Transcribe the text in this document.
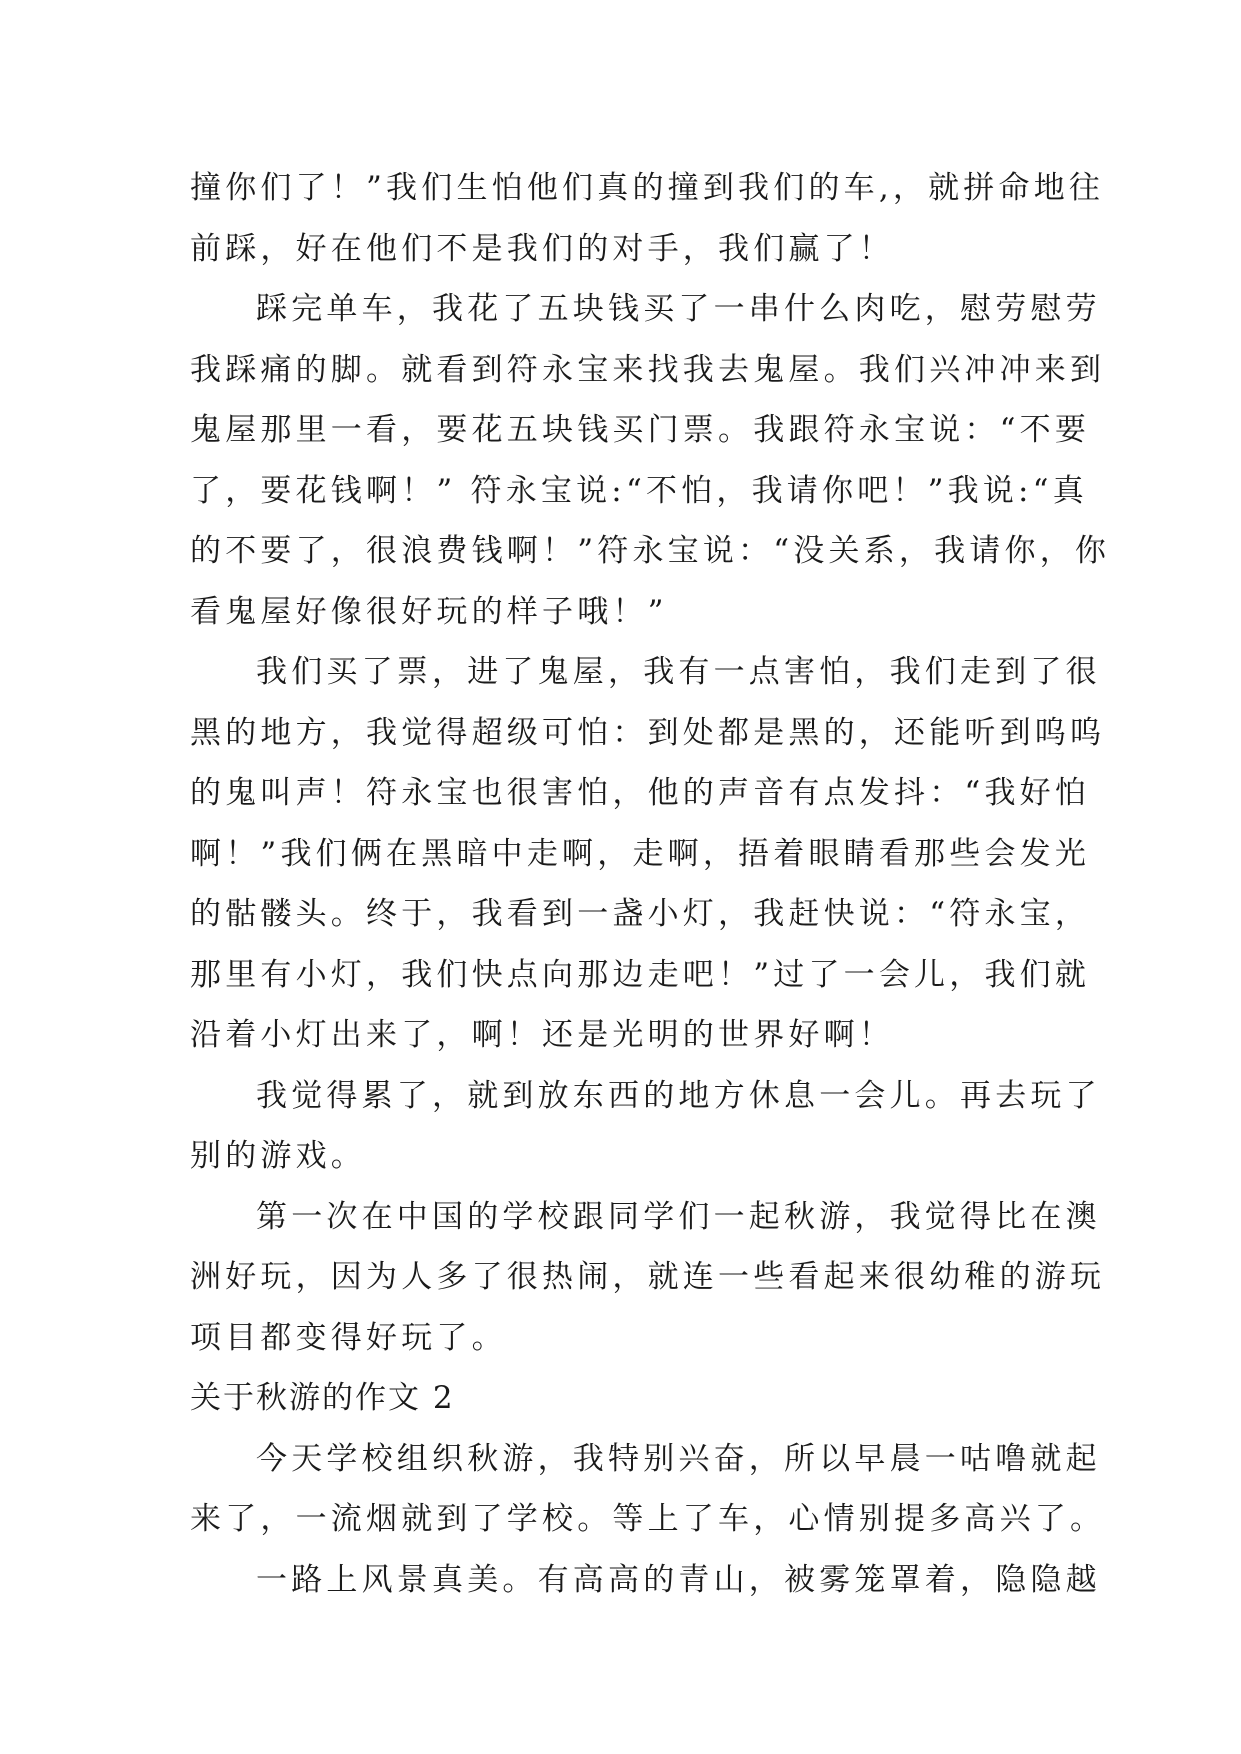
撞你们了！”我们生怕他们真的撞到我们的车,，就拼命地往
前踩，好在他们不是我们的对手，我们赢了！
踩完单车，我花了五块钱买了一串什么肉吃，慰劳慰劳
我踩痛的脚。就看到符永宝来找我去鬼屋。我们兴冲冲来到
鬼屋那里一看，要花五块钱买门票。我跟符永宝说：“不要
了，要花钱啊！” 符永宝说:“不怕，我请你吧！”我说:“真
的不要了，很浪费钱啊！”符永宝说：“没关系，我请你，你
看鬼屋好像很好玩的样子哦！”
我们买了票，进了鬼屋，我有一点害怕，我们走到了很
黑的地方，我觉得超级可怕：到处都是黑的，还能听到呜呜
的鬼叫声！符永宝也很害怕，他的声音有点发抖：“我好怕
啊！”我们俩在黑暗中走啊，走啊，捂着眼睛看那些会发光
的骷髅头。终于，我看到一盏小灯，我赶快说：“符永宝，
那里有小灯，我们快点向那边走吧！”过了一会儿，我们就
沿着小灯出来了，啊！还是光明的世界好啊！
我觉得累了，就到放东西的地方休息一会儿。再去玩了
别的游戏。
第一次在中国的学校跟同学们一起秋游，我觉得比在澳
洲好玩，因为人多了很热闹，就连一些看起来很幼稚的游玩
项目都变得好玩了。
关于秋游的作文 2
今天学校组织秋游，我特别兴奋，所以早晨一咕噜就起
来了，一流烟就到了学校。等上了车，心情别提多高兴了。
一路上风景真美。有高高的青山，被雾笼罩着，隐隐越
